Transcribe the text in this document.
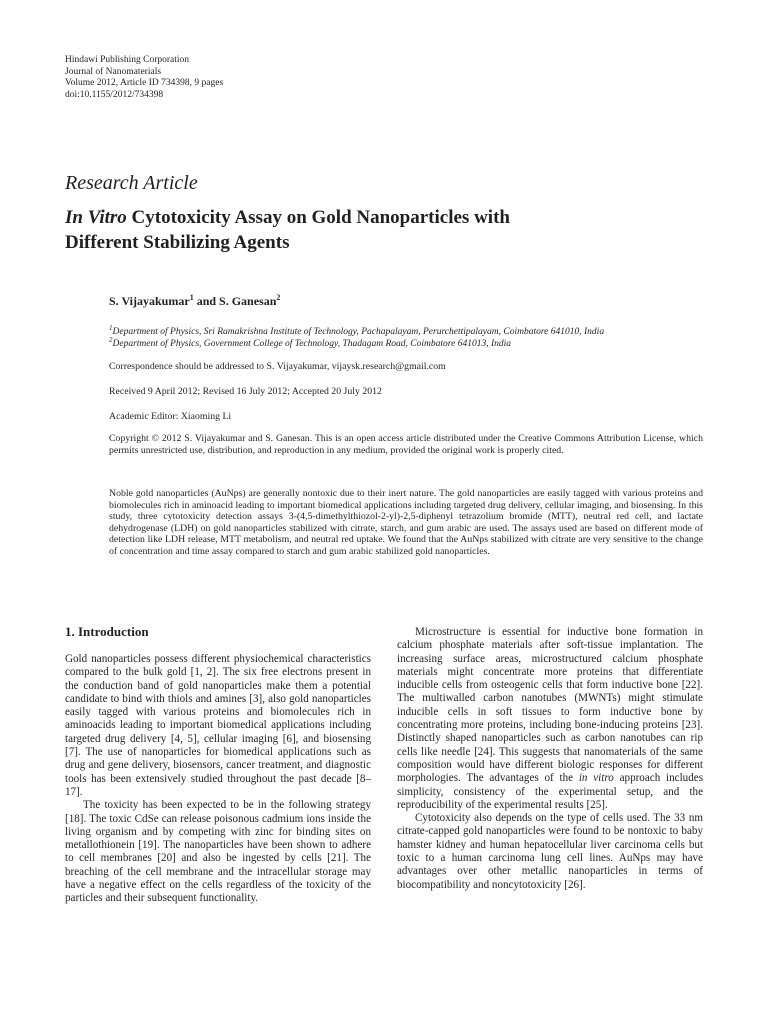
Hindawi Publishing Corporation
Journal of Nanomaterials
Volume 2012, Article ID 734398, 9 pages
doi:10.1155/2012/734398
Research Article
In Vitro Cytotoxicity Assay on Gold Nanoparticles with
Different Stabilizing Agents
S. Vijayakumar$^1$ and S. Ganesan$^2$
$^1$Department of Physics, Sri Ramakrishna Institute of Technology, Pachapalayam, Perurchettipalayam, Coimbatore 641010, India
$^2$Department of Physics, Government College of Technology, Thadagam Road, Coimbatore 641013, India
Correspondence should be addressed to S. Vijayakumar, vijaysk.research@gmail.com
Received 9 April 2012; Revised 16 July 2012; Accepted 20 July 2012
Academic Editor: Xiaoming Li
Copyright © 2012 S. Vijayakumar and S. Ganesan. This is an open access article distributed under the Creative Commons Attribution License, which permits unrestricted use, distribution, and reproduction in any medium, provided the original work is properly cited.
Noble gold nanoparticles (AuNps) are generally nontoxic due to their inert nature. The gold nanoparticles are easily tagged with various proteins and biomolecules rich in aminoacid leading to important biomedical applications including targeted drug delivery, cellular imaging, and biosensing. In this study, three cytotoxicity detection assays 3-(4,5-dimethylthiozol-2-yl)-2,5-diphenyl tetrazolium bromide (MTT), neutral red cell, and lactate dehydrogenase (LDH) on gold nanoparticles stabilized with citrate, starch, and gum arabic are used. The assays used are based on different mode of detection like LDH release, MTT metabolism, and neutral red uptake. We found that the AuNps stabilized with citrate are very sensitive to the change of concentration and time assay compared to starch and gum arabic stabilized gold nanoparticles.
1. Introduction

Gold nanoparticles possess different physiochemical characteristics compared to the bulk gold [1, 2]. The six free electrons present in the conduction band of gold nanoparticles make them a potential candidate to bind with thiols and amines [3], also gold nanoparticles easily tagged with various proteins and biomolecules rich in aminoacids leading to important biomedical applications including targeted drug delivery [4, 5], cellular imaging [6], and biosensing [7]. The use of nanoparticles for biomedical applications such as drug and gene delivery, biosensors, cancer treatment, and diagnostic tools has been extensively studied throughout the past decade [8–17].

The toxicity has been expected to be in the following strategy [18]. The toxic CdSe can release poisonous cadmium ions inside the living organism and by competing with zinc for binding sites on metallothionein [19]. The nanoparticles have been shown to adhere to cell membranes [20] and also be ingested by cells [21]. The breaching of the cell membrane and the intracellular storage may have a negative effect on the cells regardless of the toxicity of the particles and their subsequent functionality.

Microstructure is essential for inductive bone formation in calcium phosphate materials after soft-tissue implantation. The increasing surface areas, microstructured calcium phosphate materials might concentrate more proteins that differentiate inducible cells from osteogenic cells that form inductive bone [22]. The multiwalled carbon nanotubes (MWNTs) might stimulate inducible cells in soft tissues to form inductive bone by concentrating more proteins, including bone-inducing proteins [23]. Distinctly shaped nanoparticles such as carbon nanotubes can rip cells like needle [24]. This suggests that nanomaterials of the same composition would have different biologic responses for different morphologies. The advantages of the in vitro approach includes simplicity, consistency of the experimental setup, and the reproducibility of the experimental results [25].

Cytotoxicity also depends on the type of cells used. The 33 nm citrate-capped gold nanoparticles were found to be nontoxic to baby hamster kidney and human hepatocellular liver carcinoma cells but toxic to a human carcinoma lung cell lines. AuNps may have advantages over other metallic nanoparticles in terms of biocompatibility and noncytotoxicity [26].
